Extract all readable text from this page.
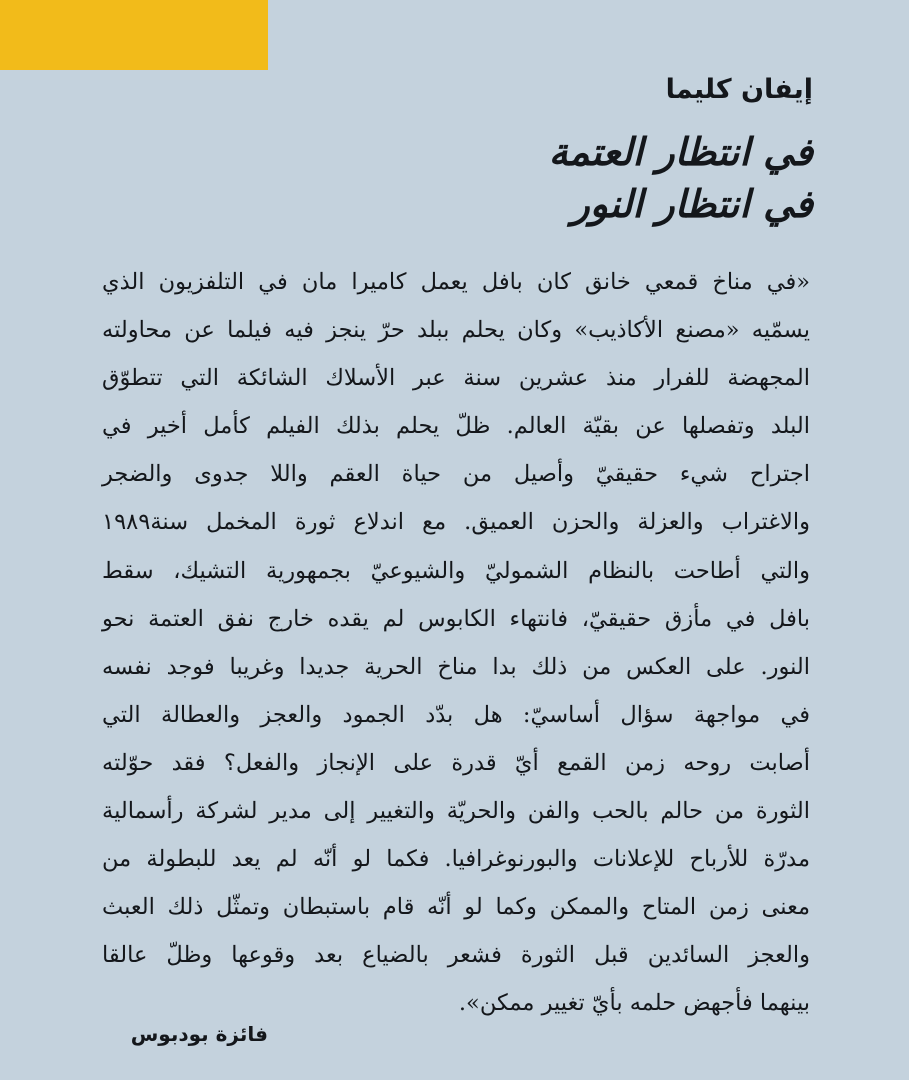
إيفان كليما
في انتظار العتمة
في انتظار النور
«في مناخ قمعي خانق كان بافل يعمل كاميرا مان في التلفزيون الذي
يسمّيه «مصنع الأكاذيب» وكان يحلم ببلد حرّ ينجز فيه فيلما عن محاولته
المجهضة للفرار منذ عشرين سنة عبر الأسلاك الشائكة التي تتطوّق
البلد وتفصلها عن بقيّة العالم. ظلّ يحلم بذلك الفيلم كأمل أخير في
اجتراح شيء حقيقيّ وأصيل من حياة العقم واللا جدوى والضجر
والاغتراب والعزلة والحزن العميق. مع اندلاع ثورة المخمل سنة١٩٨٩
والتي أطاحت بالنظام الشموليّ والشيوعيّ بجمهورية التشيك، سقط
بافل في مأزق حقيقيّ، فانتهاء الكابوس لم يقده خارج نفق العتمة نحو
النور. على العكس من ذلك بدا مناخ الحرية جديدا وغريبا فوجد نفسه
في مواجهة سؤال أساسيّ: هل بدّد الجمود والعجز والعطالة التي
أصابت روحه زمن القمع أيّ قدرة على الإنجاز والفعل؟ فقد حوّلته
الثورة من حالم بالحب والفن والحريّة والتغيير إلى مدير لشركة رأسمالية
مدرّة للأرباح للإعلانات والبورنوغرافيا. فكما لو أنّه لم يعد للبطولة من
معنى زمن المتاح والممكن وكما لو أنّه قام باستبطان وتمثّل ذلك العبث
والعجز السائدين قبل الثورة فشعر بالضياع بعد وقوعها وظلّ عالقا
بينهما فأجهض حلمه بأيّ تغيير ممكن».
فائزة بودبوس
